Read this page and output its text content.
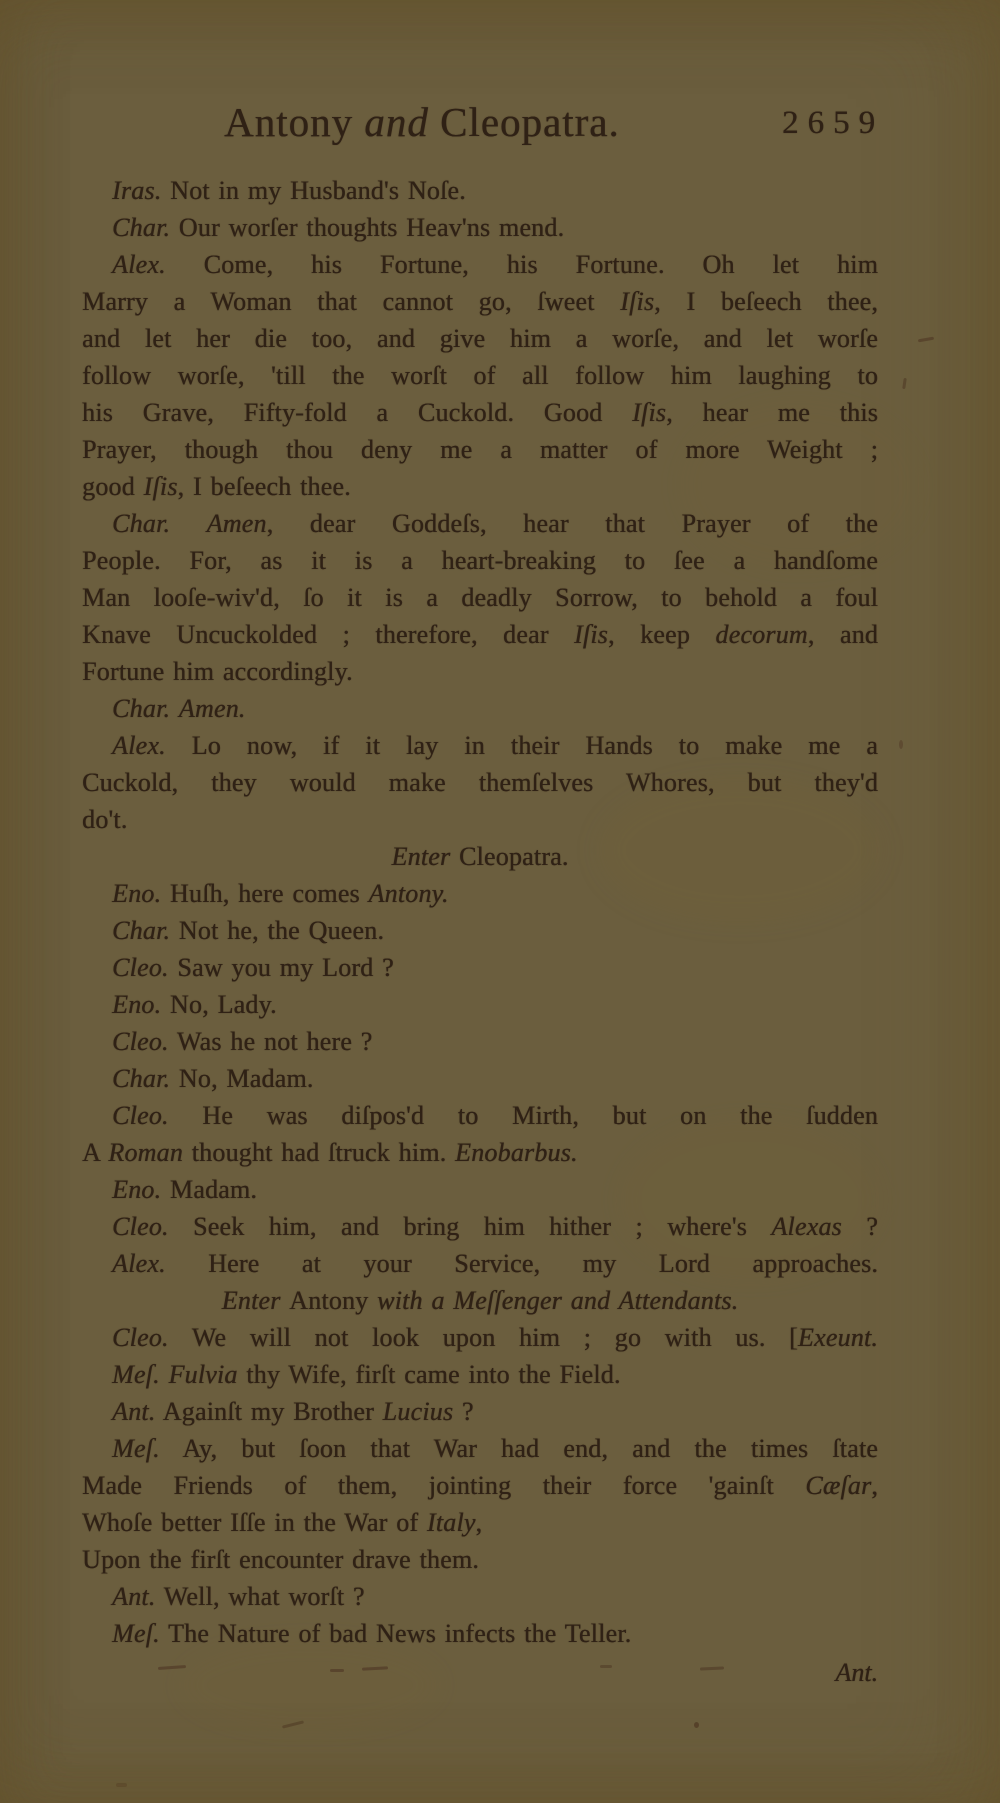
Antony and Cleopatra.	2659
Iras. Not in my Husband's Noſe.
Char. Our worſer thoughts Heav'ns mend.
Alex. Come, his Fortune, his Fortune. Oh let him
Marry a Woman that cannot go, ſweet Iſis, I beſeech thee,
and let her die too, and give him a worſe, and let worſe
follow worſe, 'till the worſt of all follow him laughing to
his Grave, Fifty-fold a Cuckold. Good Iſis, hear me this
Prayer, though thou deny me a matter of more Weight ;
good Iſis, I beſeech thee.
Char. Amen, dear Goddeſs, hear that Prayer of the
People. For, as it is a heart-breaking to ſee a handſome
Man looſe-wiv'd, ſo it is a deadly Sorrow, to behold a foul
Knave Uncuckolded ; therefore, dear Iſis, keep decorum, and
Fortune him accordingly.
Char. Amen.
Alex. Lo now, if it lay in their Hands to make me a
Cuckold, they would make themſelves Whores, but they'd
do't.
Enter Cleopatra.
Eno. Huſh, here comes Antony.
Char. Not he, the Queen.
Cleo. Saw you my Lord ?
Eno. No, Lady.
Cleo. Was he not here ?
Char. No, Madam.
Cleo. He was diſpos'd to Mirth, but on the ſudden
A Roman thought had ſtruck him. Enobarbus.
Eno. Madam.
Cleo. Seek him, and bring him hither ; where's Alexas ?
Alex. Here at your Service, my Lord approaches.
Enter Antony with a Meſſenger and Attendants.
Cleo. We will not look upon him ; go with us. [Exeunt.
Meſ. Fulvia thy Wife, firſt came into the Field.
Ant. Againſt my Brother Lucius ?
Meſ. Ay, but ſoon that War had end, and the times ſtate
Made Friends of them, jointing their force 'gainſt Cæſar,
Whoſe better Iſſe in the War of Italy,
Upon the firſt encounter drave them.
Ant. Well, what worſt ?
Meſ. The Nature of bad News infects the Teller.
Ant.
